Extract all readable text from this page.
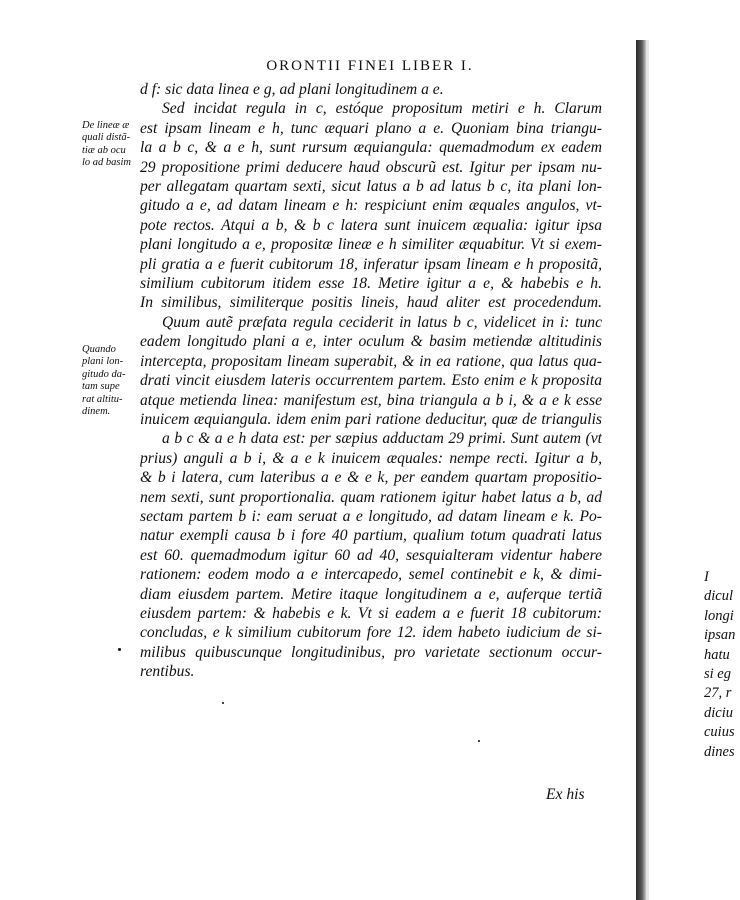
ORONTII FINEI LIBER I.
De lineæ æ
quali distã-
tiæ ab ocu
lo ad basim
Quando
plani lon-
gitudo da-
tam supe
rat altitu-
dinem.
d f: sic data linea e g, ad plani longitudinem a e.
Sed incidat regula in c, estóque propositum metiri e h. Clarum
est ipsam lineam e h, tunc æquari plano a e. Quoniam bina triangu-
la a b c, & a e h, sunt rursum æquiangula: quemadmodum ex eadem
29 propositione primi deducere haud obscurũ est. Igitur per ipsam nu-
per allegatam quartam sexti, sicut latus a b ad latus b c, ita plani lon-
gitudo a e, ad datam lineam e h: respiciunt enim æquales angulos, vt-
pote rectos. Atqui a b, & b c latera sunt inuicem æqualia: igitur ipsa
plani longitudo a e, propositæ lineæ e h similiter æquabitur. Vt si exem-
pli gratia a e fuerit cubitorum 18, inferatur ipsam lineam e h propositã,
similium cubitorum itidem esse 18. Metire igitur a e, & habebis e h.
In similibus, similiterque positis lineis, haud aliter est procedendum.
Quum autẽ præfata regula ceciderit in latus b c, videlicet in i: tunc
eadem longitudo plani a e, inter oculum & basim metiendæ altitudinis
intercepta, propositam lineam superabit, & in ea ratione, qua latus qua-
drati vincit eiusdem lateris occurrentem partem. Esto enim e k proposita
atque metienda linea: manifestum est, bina triangula a b i, & a e k esse
inuicem æquiangula. idem enim pari ratione deducitur, quæ de triangulis
a b c & a e h data est: per sæpius adductam 29 primi. Sunt autem (vt
prius) anguli a b i, & a e k inuicem æquales: nempe recti. Igitur a b,
& b i latera, cum lateribus a e & e k, per eandem quartam propositio-
nem sexti, sunt proportionalia. quam rationem igitur habet latus a b, ad
sectam partem b i: eam seruat a e longitudo, ad datam lineam e k. Po-
natur exempli causa b i fore 40 partium, qualium totum quadrati latus
est 60. quemadmodum igitur 60 ad 40, sesquialteram videntur habere
rationem: eodem modo a e intercapedo, semel continebit e k, & dimi-
diam eiusdem partem. Metire itaque longitudinem a e, auferque tertiã
eiusdem partem: & habebis e k. Vt si eadem a e fuerit 18 cubitorum:
concludas, e k similium cubitorum fore 12. idem habeto iudicium de si-
milibus quibuscunque longitudinibus, pro varietate sectionum occur-
rentibus.
Ex his
I
dicul
longi
ipsan
hatu
si eg
27, r
diciu
cuius
dines
